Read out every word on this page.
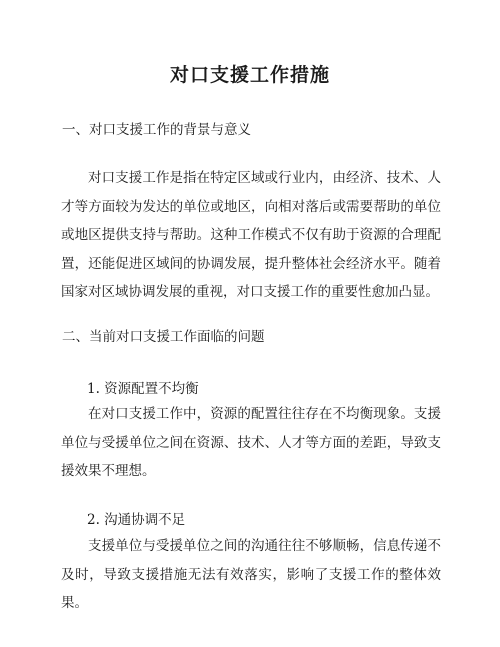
对口支援工作措施
一、对口支援工作的背景与意义

对口支援工作是指在特定区域或行业内，由经济、技术、人才等方面较为发达的单位或地区，向相对落后或需要帮助的单位或地区提供支持与帮助。这种工作模式不仅有助于资源的合理配置，还能促进区域间的协调发展，提升整体社会经济水平。随着国家对区域协调发展的重视，对口支援工作的重要性愈加凸显。

二、当前对口支援工作面临的问题
1. 资源配置不均衡

在对口支援工作中，资源的配置往往存在不均衡现象。支援单位与受援单位之间在资源、技术、人才等方面的差距，导致支援效果不理想。

2. 沟通协调不足

支援单位与受援单位之间的沟通往往不够顺畅，信息传递不及时，导致支援措施无法有效落实，影响了支援工作的整体效果。
